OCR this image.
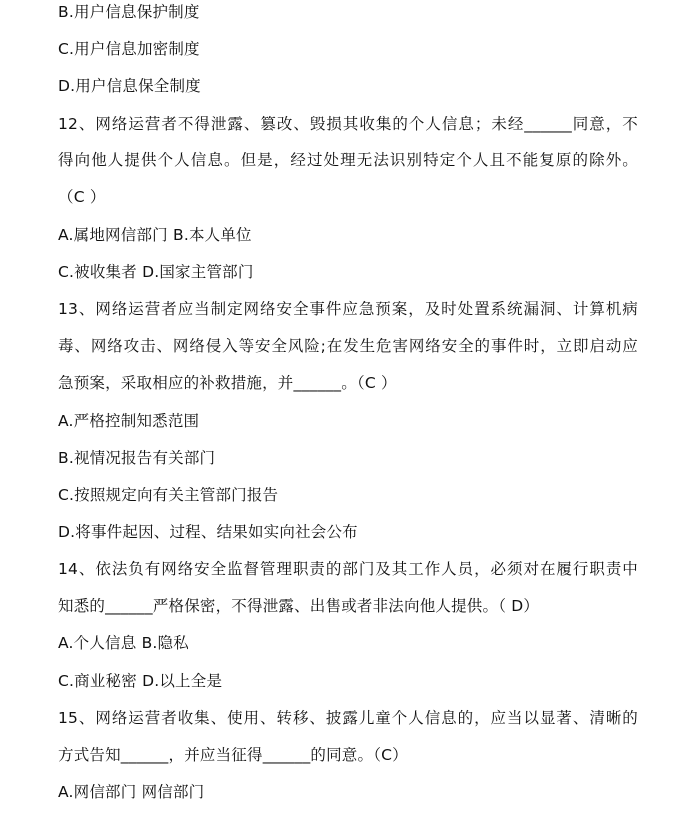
B.用户信息保护制度
C.用户信息加密制度
D.用户信息保全制度
12、网络运营者不得泄露、篡改、毁损其收集的个人信息；未经______同意，不
得向他人提供个人信息。但是，经过处理无法识别特定个人且不能复原的除外。
（C ）
A.属地网信部门 B.本人单位
C.被收集者 D.国家主管部门
13、网络运营者应当制定网络安全事件应急预案，及时处置系统漏洞、计算机病
毒、网络攻击、网络侵入等安全风险;在发生危害网络安全的事件时，立即启动应
急预案，采取相应的补救措施，并______。（C ）
A.严格控制知悉范围
B.视情况报告有关部门
C.按照规定向有关主管部门报告
D.将事件起因、过程、结果如实向社会公布
14、依法负有网络安全监督管理职责的部门及其工作人员，必须对在履行职责中
知悉的______严格保密，不得泄露、出售或者非法向他人提供。（ D）
A.个人信息 B.隐私
C.商业秘密 D.以上全是
15、网络运营者收集、使用、转移、披露儿童个人信息的，应当以显著、清晰的
方式告知______，并应当征得______的同意。（C）
A.网信部门 网信部门
